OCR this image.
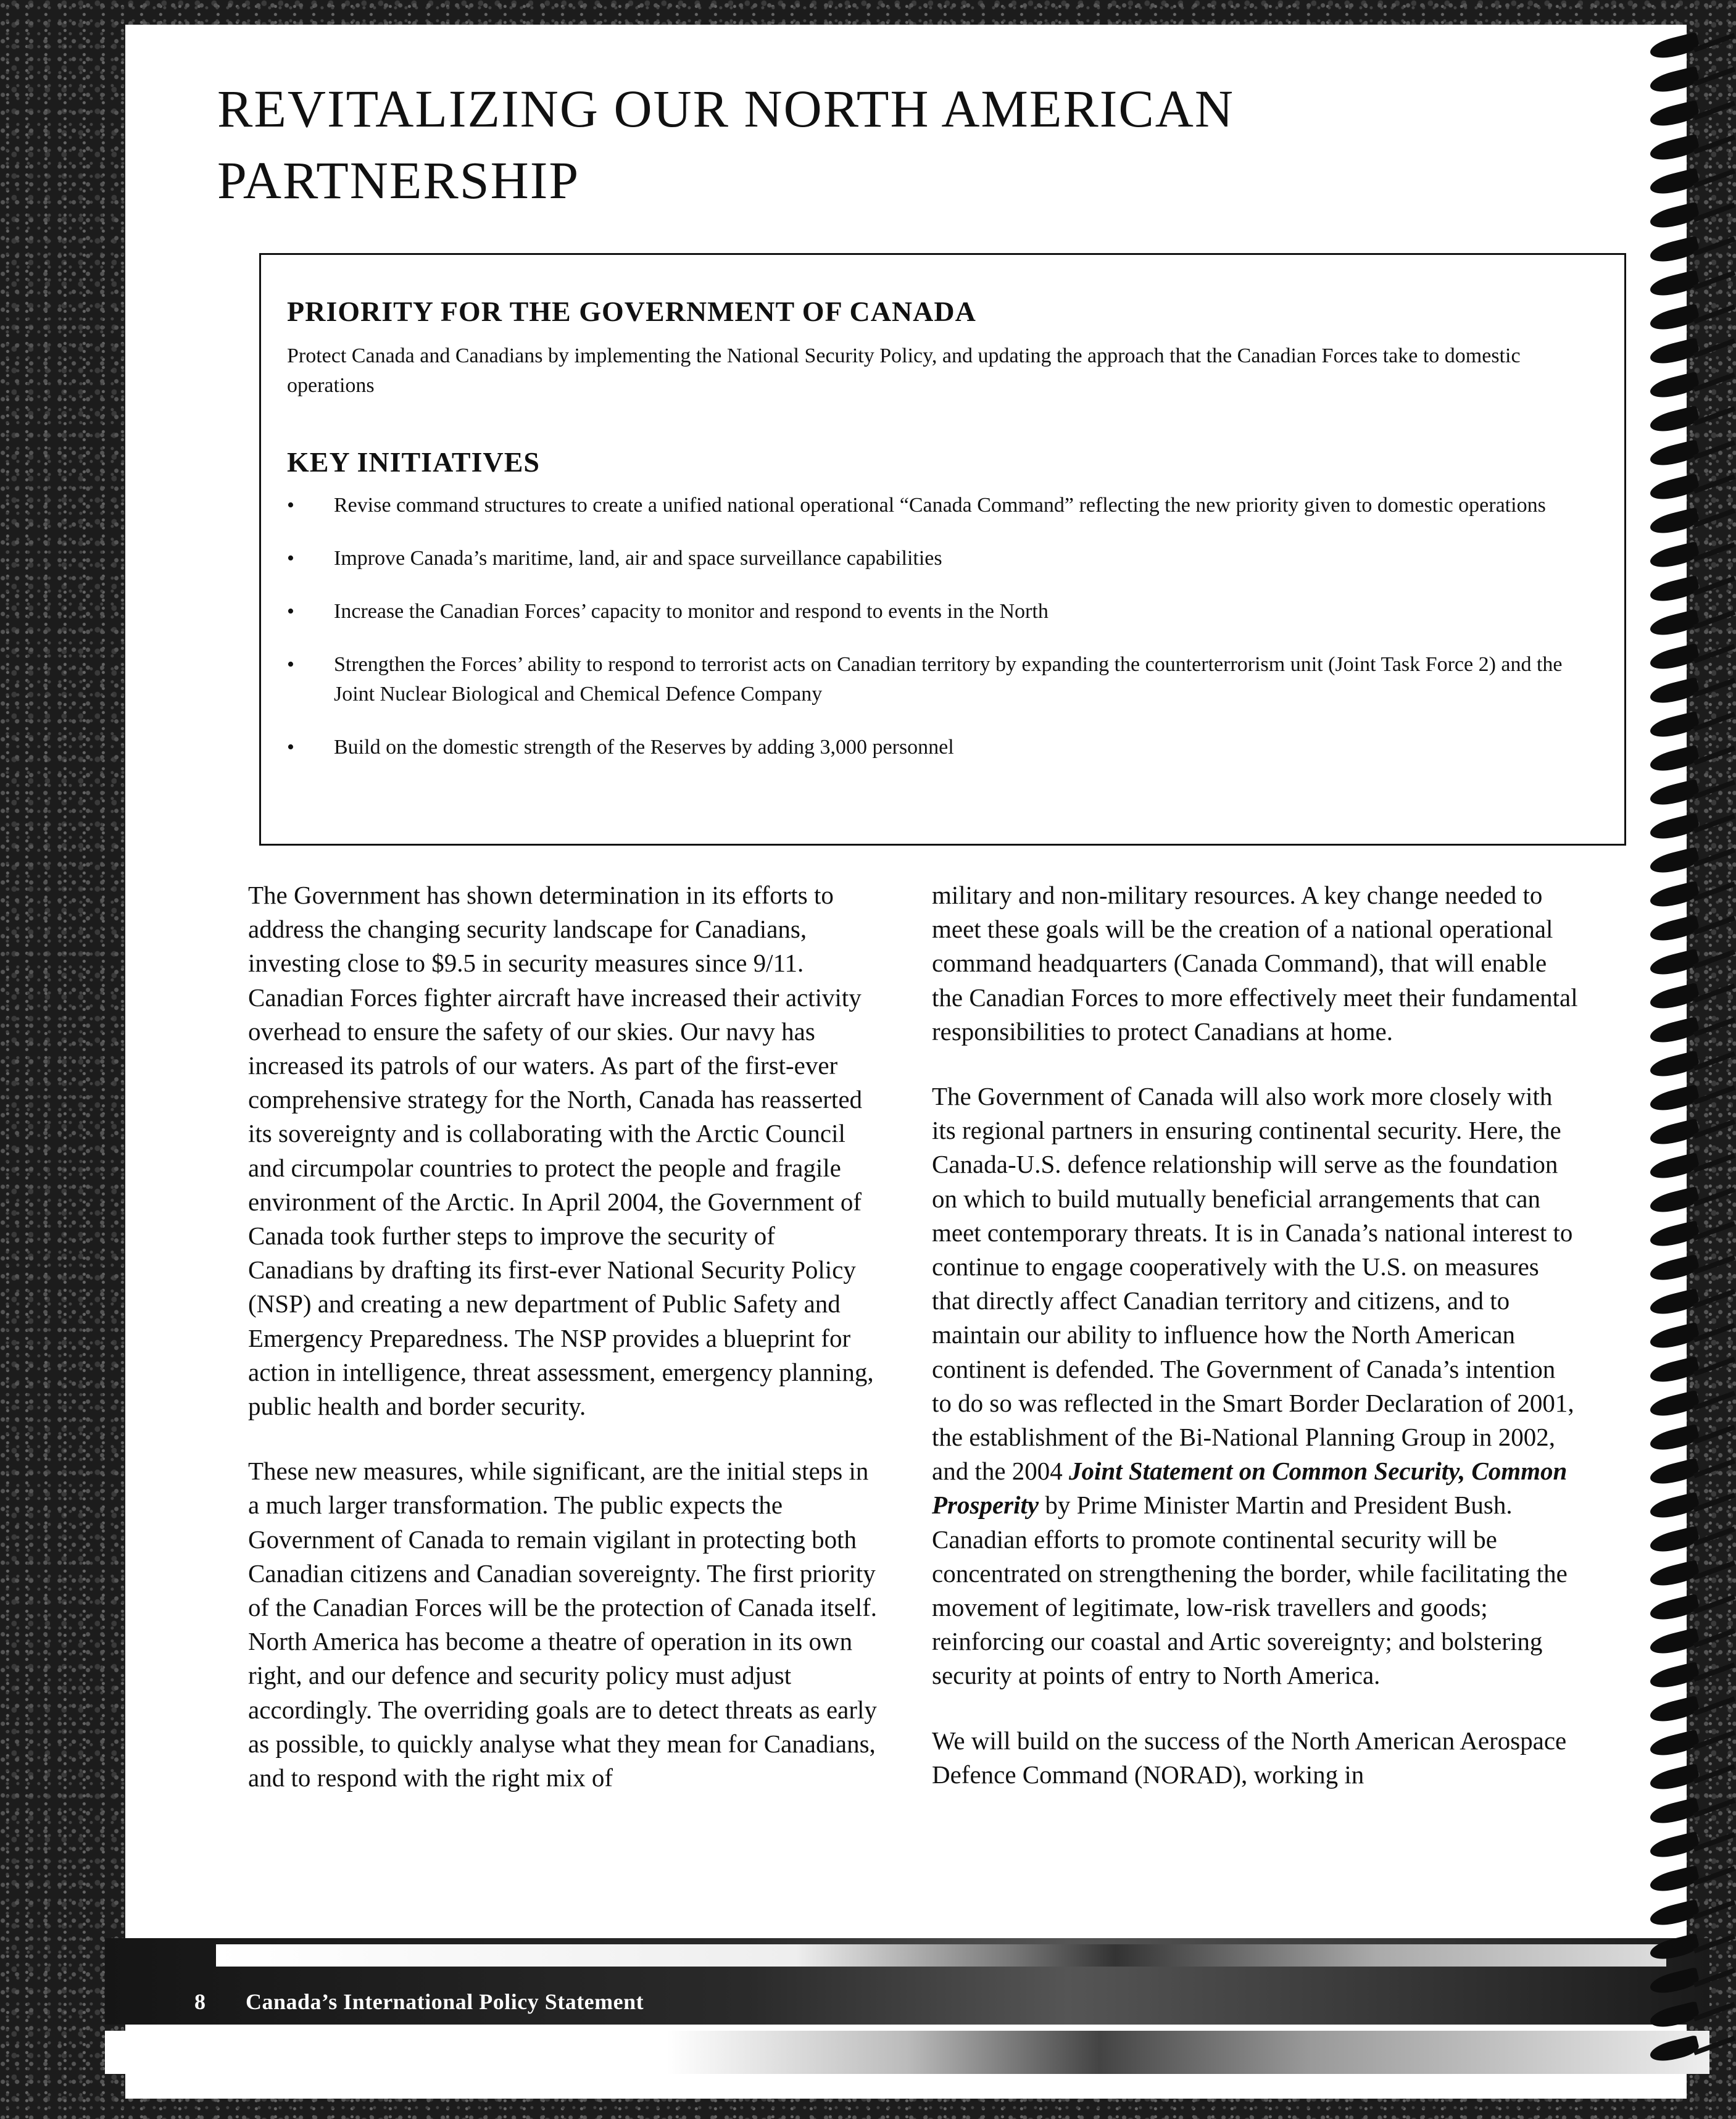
REVITALIZING OUR NORTH AMERICAN
PARTNERSHIP
PRIORITY FOR THE GOVERNMENT OF CANADA

Protect Canada and Canadians by implementing the National Security Policy, and updating the approach that the Canadian Forces take to domestic operations

KEY INITIATIVES
• Revise command structures to create a unified national operational “Canada Command” reflecting the new priority given to domestic operations
• Improve Canada’s maritime, land, air and space surveillance capabilities
• Increase the Canadian Forces’ capacity to monitor and respond to events in the North
• Strengthen the Forces’ ability to respond to terrorist acts on Canadian territory by expanding the counterterrorism unit (Joint Task Force 2) and the Joint Nuclear Biological and Chemical Defence Company
• Build on the domestic strength of the Reserves by adding 3,000 personnel

The Government has shown determination in its efforts to address the changing security landscape for Canadians, investing close to $9.5 in security measures since 9/11. Canadian Forces fighter aircraft have increased their activity overhead to ensure the safety of our skies. Our navy has increased its patrols of our waters. As part of the first-ever comprehensive strategy for the North, Canada has reasserted its sovereignty and is collaborating with the Arctic Council and circumpolar countries to protect the people and fragile environment of the Arctic. In April 2004, the Government of Canada took further steps to improve the security of Canadians by drafting its first-ever National Security Policy (NSP) and creating a new department of Public Safety and Emergency Preparedness. The NSP provides a blueprint for action in intelligence, threat assessment, emergency planning, public health and border security.

These new measures, while significant, are the initial steps in a much larger transformation. The public expects the Government of Canada to remain vigilant in protecting both Canadian citizens and Canadian sovereignty. The first priority of the Canadian Forces will be the protection of Canada itself. North America has become a theatre of operation in its own right, and our defence and security policy must adjust accordingly. The overriding goals are to detect threats as early as possible, to quickly analyse what they mean for Canadians, and to respond with the right mix of

military and non-military resources. A key change needed to meet these goals will be the creation of a national operational command headquarters (Canada Command), that will enable the Canadian Forces to more effectively meet their fundamental responsibilities to protect Canadians at home.

The Government of Canada will also work more closely with its regional partners in ensuring continental security. Here, the Canada-U.S. defence relationship will serve as the foundation on which to build mutually beneficial arrangements that can meet contemporary threats. It is in Canada’s national interest to continue to engage cooperatively with the U.S. on measures that directly affect Canadian territory and citizens, and to maintain our ability to influence how the North American continent is defended. The Government of Canada’s intention to do so was reflected in the Smart Border Declaration of 2001, the establishment of the Bi-National Planning Group in 2002, and the 2004 Joint Statement on Common Security, Common Prosperity by Prime Minister Martin and President Bush. Canadian efforts to promote continental security will be concentrated on strengthening the border, while facilitating the movement of legitimate, low-risk travellers and goods; reinforcing our coastal and Artic sovereignty; and bolstering security at points of entry to North America.

We will build on the success of the North American Aerospace Defence Command (NORAD), working in

8 Canada’s International Policy Statement
